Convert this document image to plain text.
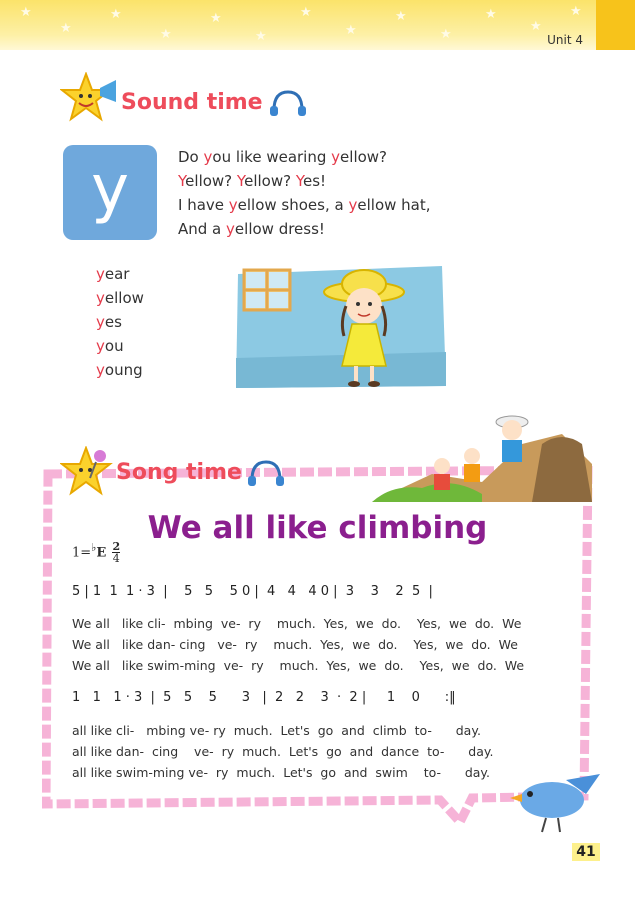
★
★
★
★
★
★
★
★
★
★
★
★
★
Unit 4
Sound time
y	Do you like wearing yellow?
Yellow? Yellow? Yes!
I have yellow shoes, a yellow hat,
And a yellow dress!
year
yellow
yes
you
young
Song time
We all like climbing
$1=^♭E \frac{2}{4}$
5 | 1  1  1 · 3  |    5   5    5 0 |  4   4   4 0 |  3    3    2  5  |
We all   like cli-  mbing  ve-  ry    much.  Yes,  we  do.    Yes,  we  do.  We
We all   like dan- cing   ve-  ry    much.  Yes,  we  do.    Yes,  we  do.  We
We all   like swim-ming  ve-  ry    much.  Yes,  we  do.    Yes,  we  do.  We
1   1   1 · 3  |  5   5    5      3   |  2   2    3  ·  2 |     1    0      :‖
all like cli-   mbing ve- ry  much.  Let's  go  and  climb  to-      day.
all like dan-  cing    ve-  ry  much.  Let's  go  and  dance  to-      day.
all like swim-ming ve-  ry  much.  Let's  go  and  swim    to-      day.
41
